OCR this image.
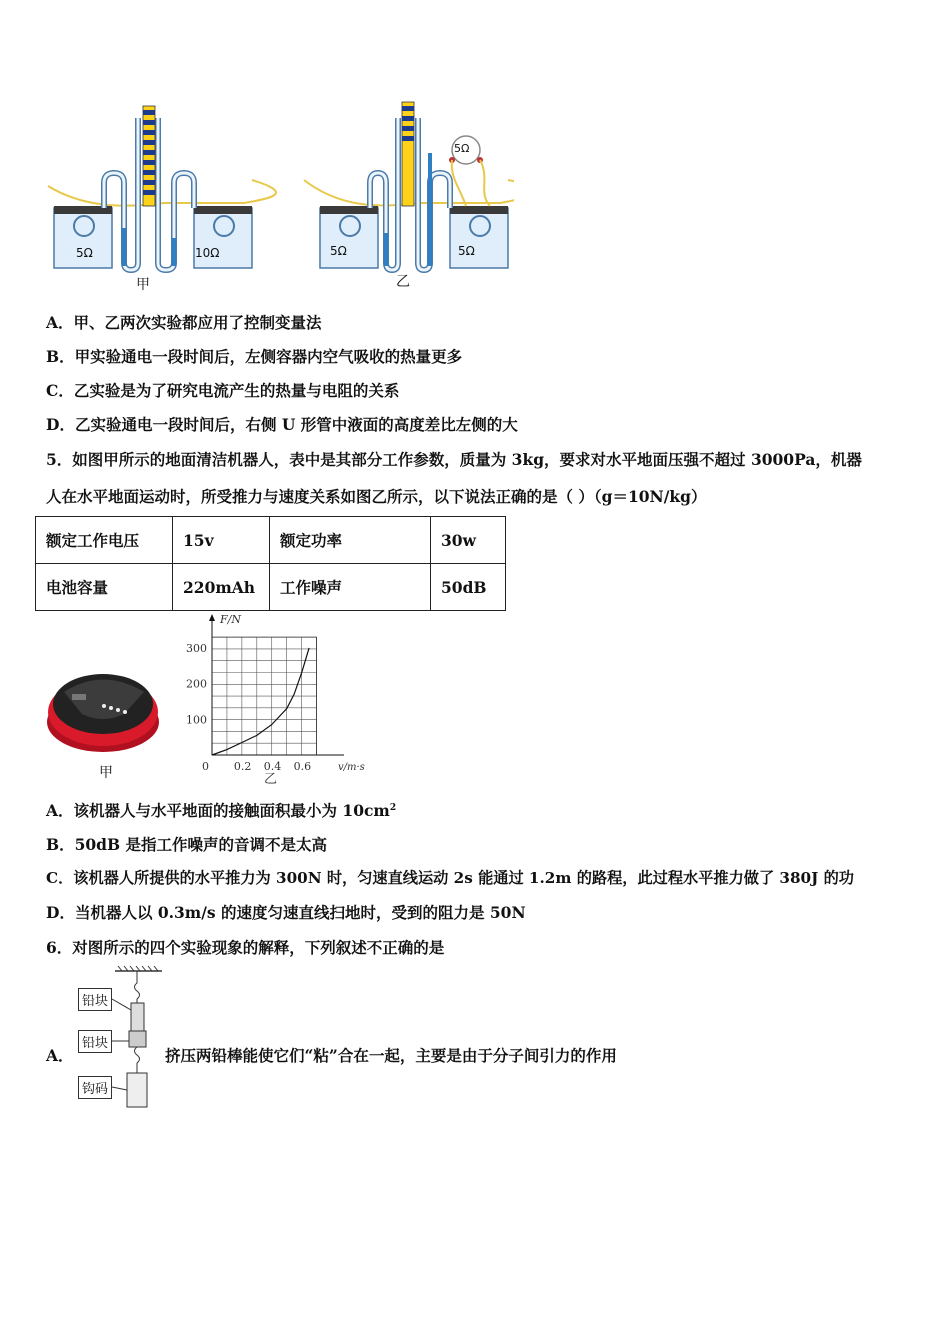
5Ω	10Ω
甲
5Ω	5Ω
5Ω
乙
A．甲、乙两次实验都应用了控制变量法
B．甲实验通电一段时间后，左侧容器内空气吸收的热量更多
C．乙实验是为了研究电流产生的热量与电阻的关系
D．乙实验通电一段时间后，右侧 U 形管中液面的高度差比左侧的大
5．如图甲所示的地面清洁机器人，表中是其部分工作参数，质量为 3kg，要求对水平地面压强不超过 3000Pa，机器
人在水平地面运动时，所受推力与速度关系如图乙所示，以下说法正确的是（ ）（g＝10N/kg）
额定工作电压	15v	额定功率	30w
电池容量	220mAh	工作噪声	50dB
甲	0 0.2 0.4 0.6
100
200
300
F/N
v/m·s
乙
A．该机器人与水平地面的接触面积最小为 $10cm^2$
B．50dB 是指工作噪声的音调不是太高
C．该机器人所提供的水平推力为 300N 时，匀速直线运动 2s 能通过 1.2m 的路程，此过程水平推力做了 380J 的功
D．当机器人以 0.3m/s 的速度匀速直线扫地时，受到的阻力是 50N
6．对图所示的四个实验现象的解释，下列叙述不正确的是
铅块
铅块
钩码
A．	挤压两铅棒能使它们“粘”合在一起，主要是由于分子间引力的作用
